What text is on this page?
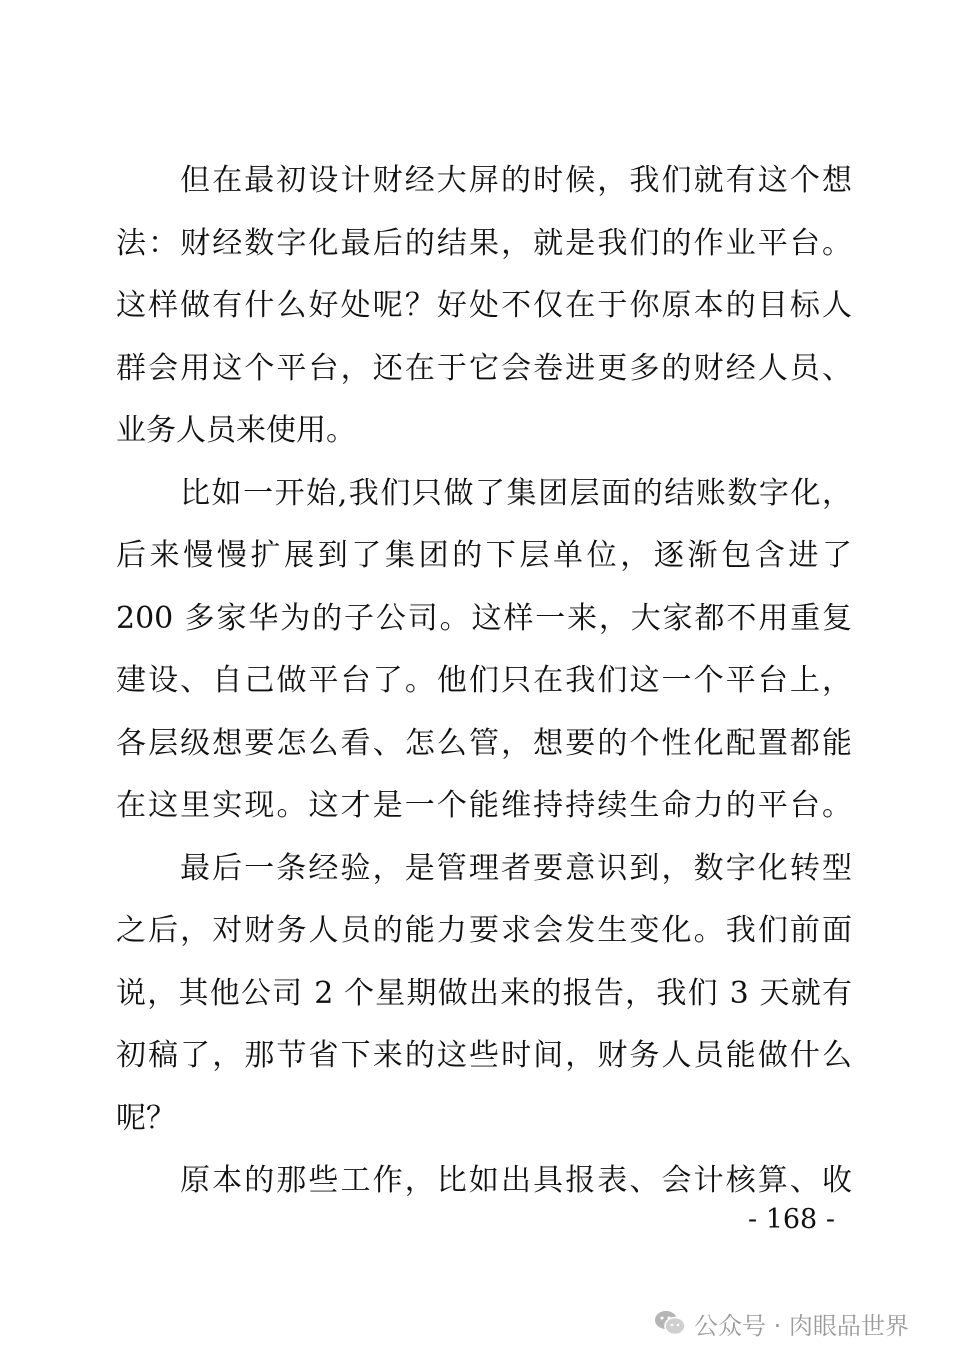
但在最初设计财经大屏的时候，我们就有这个想
法：财经数字化最后的结果，就是我们的作业平台。
这样做有什么好处呢？好处不仅在于你原本的目标人
群会用这个平台，还在于它会卷进更多的财经人员、
业务人员来使用。
比如一开始,我们只做了集团层面的结账数字化，
后来慢慢扩展到了集团的下层单位，逐渐包含进了
200 多家华为的子公司。这样一来，大家都不用重复
建设、自己做平台了。他们只在我们这一个平台上，
各层级想要怎么看、怎么管，想要的个性化配置都能
在这里实现。这才是一个能维持持续生命力的平台。
最后一条经验，是管理者要意识到，数字化转型
之后，对财务人员的能力要求会发生变化。我们前面
说，其他公司 2 个星期做出来的报告，我们 3 天就有
初稿了，那节省下来的这些时间，财务人员能做什么
呢？
原本的那些工作，比如出具报表、会计核算、收
- 168 -
公众号 · 肉眼品世界
